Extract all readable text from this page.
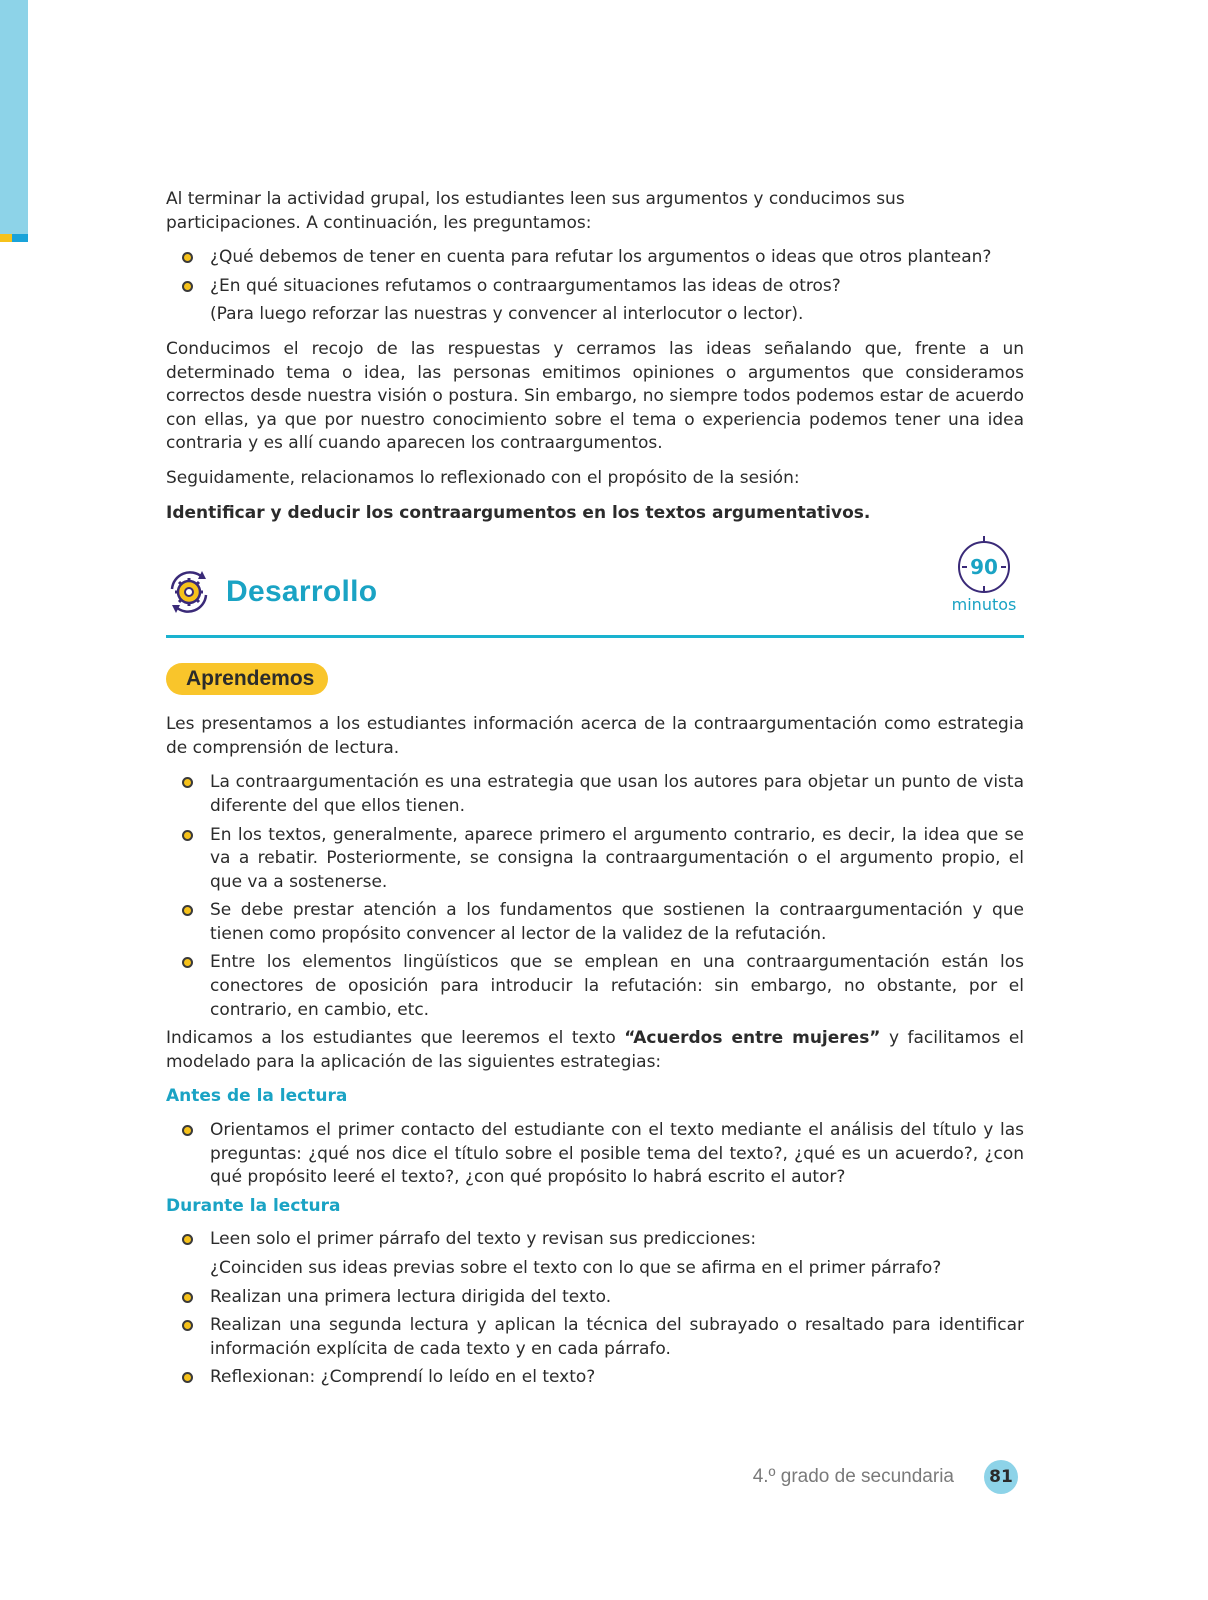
Al terminar la actividad grupal, los estudiantes leen sus argumentos y conducimos sus participaciones. A continuación, les preguntamos:

¿Qué debemos de tener en cuenta para refutar los argumentos o ideas que otros plantean?
¿En qué situaciones refutamos o contraargumentamos las ideas de otros?

(Para luego reforzar las nuestras y convencer al interlocutor o lector).

Conducimos el recojo de las respuestas y cerramos las ideas señalando que, frente a un determinado tema o idea, las personas emitimos opiniones o argumentos que consideramos correctos desde nuestra visión o postura. Sin embargo, no siempre todos podemos estar de acuerdo con ellas, ya que por nuestro conocimiento sobre el tema o experiencia podemos tener una idea contraria y es allí cuando aparecen los contraargumentos.

Seguidamente, relacionamos lo reflexionado con el propósito de la sesión:

Identificar y deducir los contraargumentos en los textos argumentativos.

Desarrollo
90
minutos
Aprendemos

Les presentamos a los estudiantes información acerca de la contraargumentación como estrategia de comprensión de lectura.

La contraargumentación es una estrategia que usan los autores para objetar un punto de vista diferente del que ellos tienen.
En los textos, generalmente, aparece primero el argumento contrario, es decir, la idea que se va a rebatir. Posteriormente, se consigna la contraargumentación o el argumento propio, el que va a sostenerse.
Se debe prestar atención a los fundamentos que sostienen la contraargumentación y que tienen como propósito convencer al lector de la validez de la refutación.
Entre los elementos lingüísticos que se emplean en una contraargumentación están los conectores de oposición para introducir la refutación: sin embargo, no obstante, por el contrario, en cambio, etc.

Indicamos a los estudiantes que leeremos el texto “Acuerdos entre mujeres” y facilitamos el modelado para la aplicación de las siguientes estrategias:

Antes de la lectura
Orientamos el primer contacto del estudiante con el texto mediante el análisis del título y las preguntas: ¿qué nos dice el título sobre el posible tema del texto?, ¿qué es un acuerdo?, ¿con qué propósito leeré el texto?, ¿con qué propósito lo habrá escrito el autor?
Durante la lectura
Leen solo el primer párrafo del texto y revisan sus predicciones:

¿Coinciden sus ideas previas sobre el texto con lo que se afirma en el primer párrafo?

Realizan una primera lectura dirigida del texto.
Realizan una segunda lectura y aplican la técnica del subrayado o resaltado para identificar información explícita de cada texto y en cada párrafo.
Reflexionan: ¿Comprendí lo leído en el texto?
4.º grado de secundaria	81
